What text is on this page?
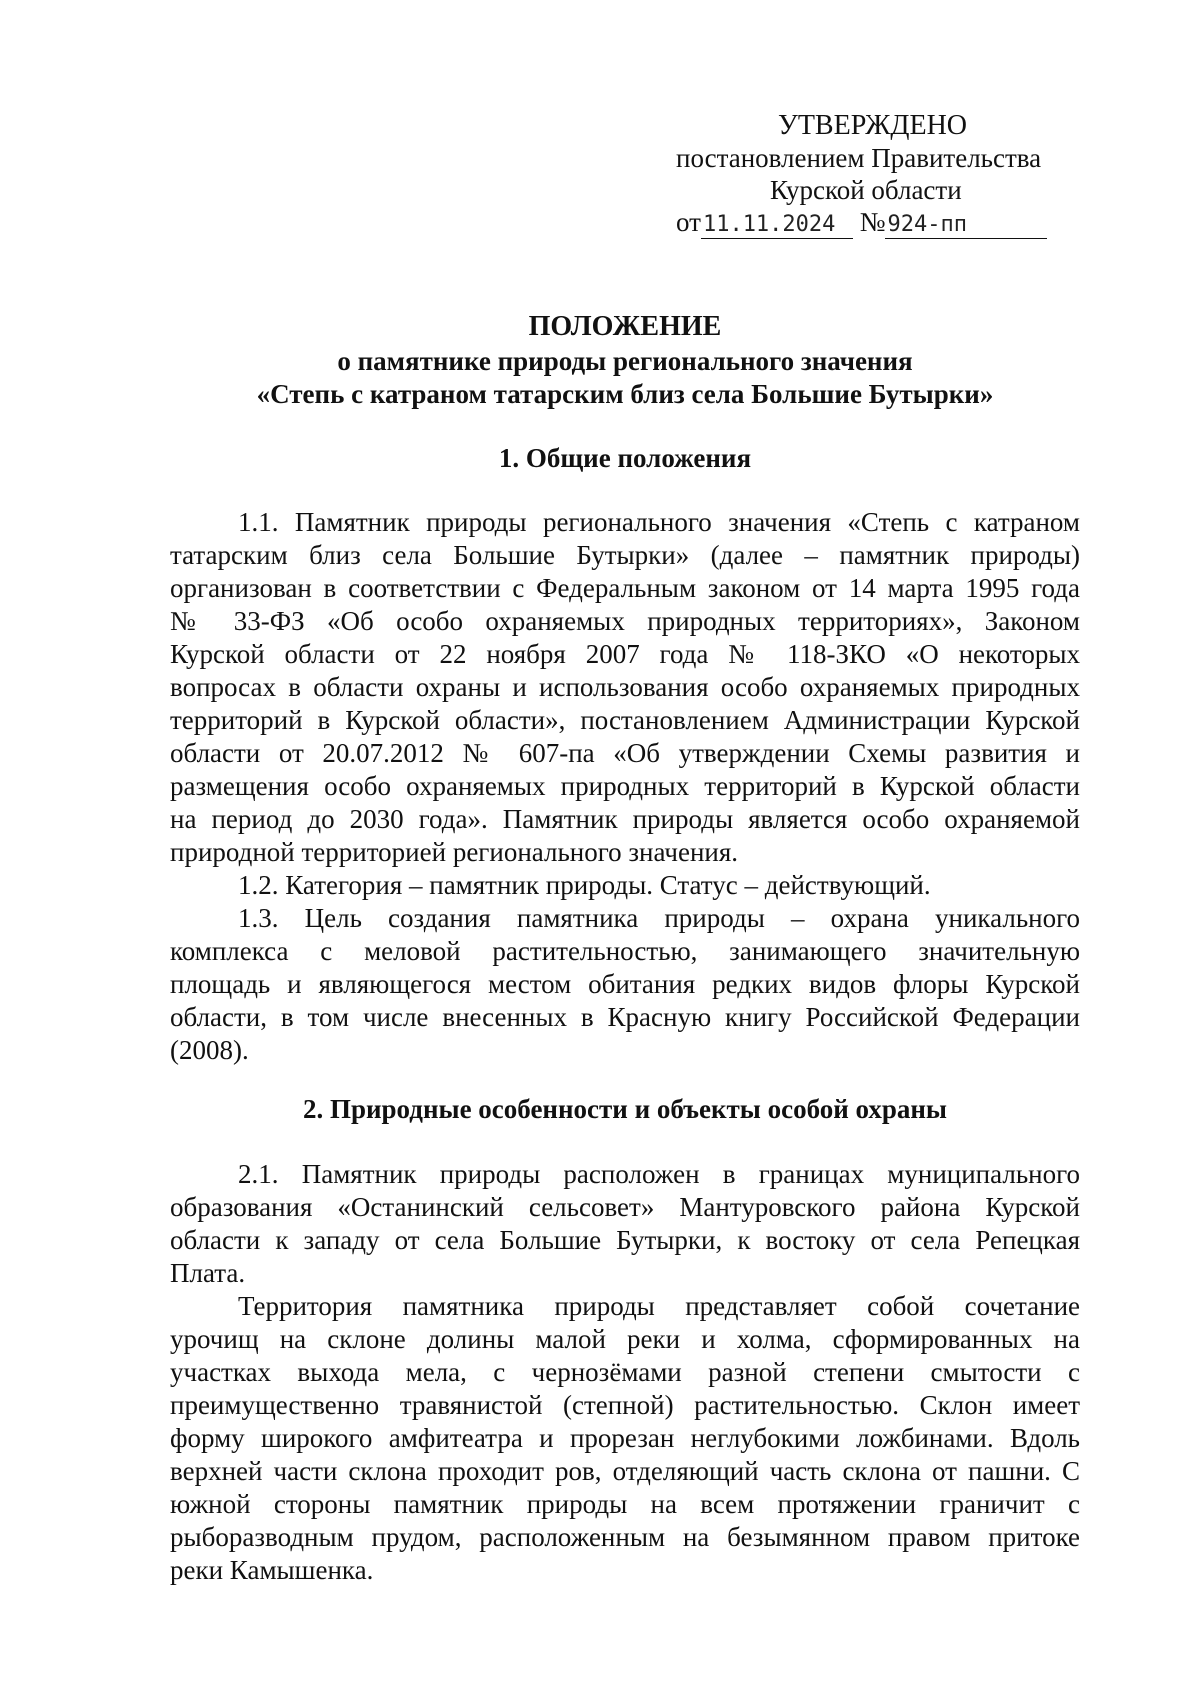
УТВЕРЖДЕНО
постановлением Правительства
Курской области
от11.11.2024 №924-пп
ПОЛОЖЕНИЕ
о памятнике природы регионального значения
«Степь с катраном татарским близ села Большие Бутырки»
1. Общие положения
1.1. Памятник природы регионального значения «Степь с катраном
татарским близ села Большие Бутырки» (далее – памятник природы)
организован в соответствии с Федеральным законом от 14 марта 1995 года
№ 33-ФЗ «Об особо охраняемых природных территориях», Законом
Курской области от 22 ноября 2007 года № 118-ЗКО «О некоторых
вопросах в области охраны и использования особо охраняемых природных
территорий в Курской области», постановлением Администрации Курской
области от 20.07.2012 № 607-па «Об утверждении Схемы развития и
размещения особо охраняемых природных территорий в Курской области
на период до 2030 года». Памятник природы является особо охраняемой
природной территорией регионального значения.
1.2. Категория – памятник природы. Статус – действующий.
1.3. Цель создания памятника природы – охрана уникального
комплекса с меловой растительностью, занимающего значительную
площадь и являющегося местом обитания редких видов флоры Курской
области, в том числе внесенных в Красную книгу Российской Федерации
(2008).
2. Природные особенности и объекты особой охраны
2.1. Памятник природы расположен в границах муниципального
образования «Останинский сельсовет» Мантуровского района Курской
области к западу от села Большие Бутырки, к востоку от села Репецкая
Плата.
Территория памятника природы представляет собой сочетание
урочищ на склоне долины малой реки и холма, сформированных на
участках выхода мела, с чернозёмами разной степени смытости с
преимущественно травянистой (степной) растительностью. Склон имеет
форму широкого амфитеатра и прорезан неглубокими ложбинами. Вдоль
верхней части склона проходит ров, отделяющий часть склона от пашни. С
южной стороны памятник природы на всем протяжении граничит с
рыборазводным прудом, расположенным на безымянном правом притоке
реки Камышенка.
